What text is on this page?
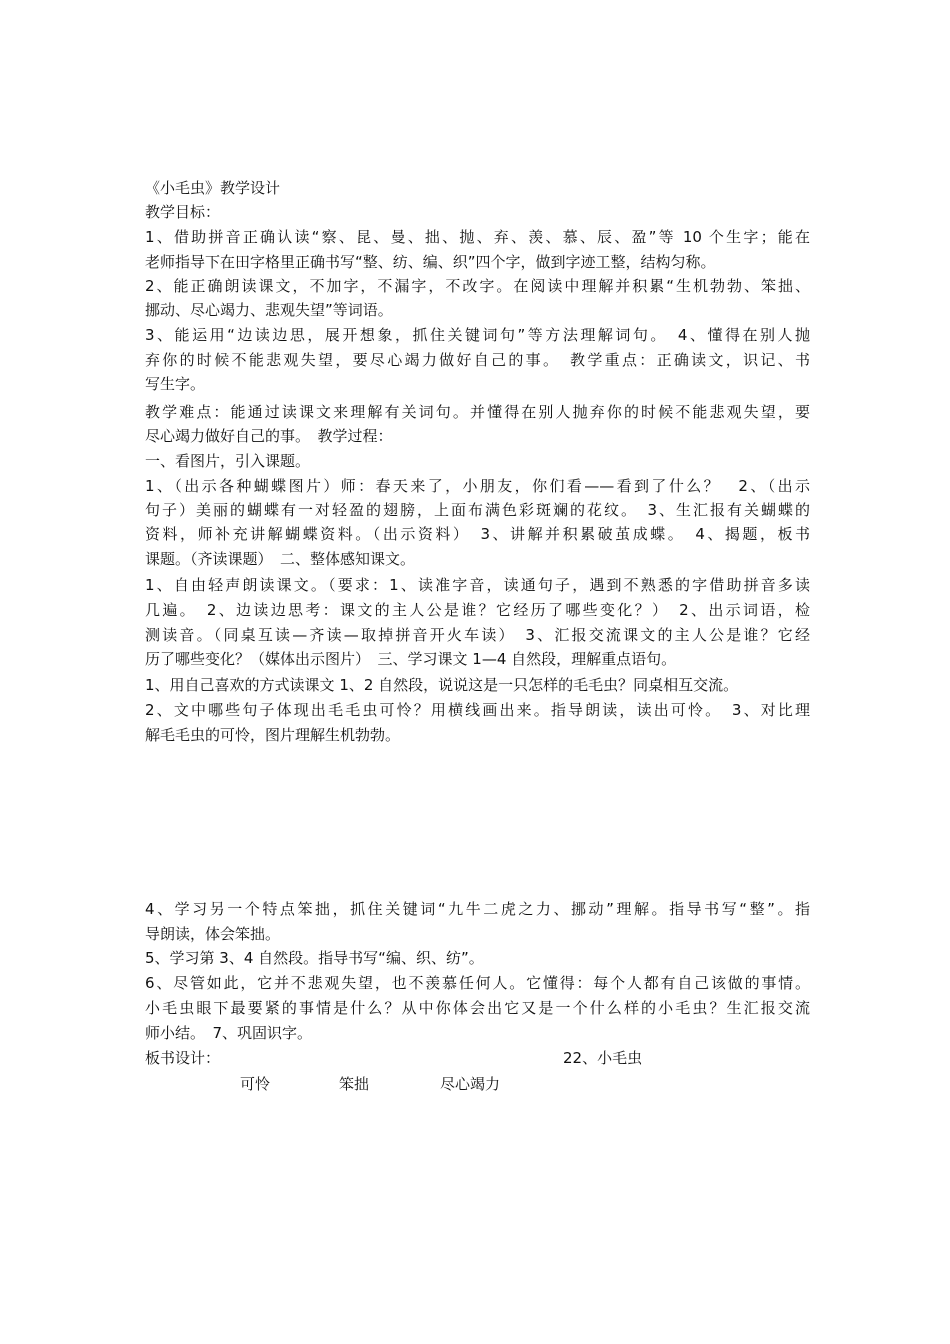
《小毛虫》教学设计
教学目标：
1、借助拼音正确认读“察、昆、曼、拙、抛、弃、羡、慕、辰、盈”等 10 个生字；能在
老师指导下在田字格里正确书写“整、纺、编、织”四个字，做到字迹工整，结构匀称。
2、能正确朗读课文，不加字，不漏字，不改字。在阅读中理解并积累“生机勃勃、笨拙、
挪动、尽心竭力、悲观失望”等词语。
3、能运用“边读边思，展开想象，抓住关键词句”等方法理解词句。　4、懂得在别人抛
弃你的时候不能悲观失望，要尽心竭力做好自己的事。　教学重点：正确读文，识记、书
写生字。
教学难点：能通过读课文来理解有关词句。并懂得在别人抛弃你的时候不能悲观失望，要
尽心竭力做好自己的事。　教学过程：
一、看图片，引入课题。
1、（出示各种蝴蝶图片）师：春天来了，小朋友，你们看——看到了什么？　2、（出示
句子）美丽的蝴蝶有一对轻盈的翅膀，上面布满色彩斑斓的花纹。　3、生汇报有关蝴蝶的
资料，师补充讲解蝴蝶资料。（出示资料）　3、讲解并积累破茧成蝶。　4、揭题，板书
课题。（齐读课题）　二、整体感知课文。
1、自由轻声朗读课文。（要求：1、读准字音，读通句子，遇到不熟悉的字借助拼音多读
几遍。　2、边读边思考：课文的主人公是谁？它经历了哪些变化？）　2、出示词语，检
测读音。（同桌互读—齐读—取掉拼音开火车读）　3、汇报交流课文的主人公是谁？它经
历了哪些变化？（媒体出示图片）　三、学习课文 1—4 自然段，理解重点语句。
1、用自己喜欢的方式读课文 1、2 自然段，说说这是一只怎样的毛毛虫？同桌相互交流。
2、文中哪些句子体现出毛毛虫可怜？用横线画出来。指导朗读，读出可怜。　3、对比理
解毛毛虫的可怜，图片理解生机勃勃。
4、学习另一个特点笨拙，抓住关键词“九牛二虎之力、挪动”理解。指导书写“整”。指
导朗读，体会笨拙。
5、学习第 3、4 自然段。指导书写“编、织、纺”。
6、尽管如此，它并不悲观失望，也不羡慕任何人。它懂得：每个人都有自己该做的事情。
小毛虫眼下最要紧的事情是什么？从中你体会出它又是一个什么样的小毛虫？生汇报交流
师小结。　7、巩固识字。
板书设计：	22、小毛虫
可怜	笨拙	尽心竭力
